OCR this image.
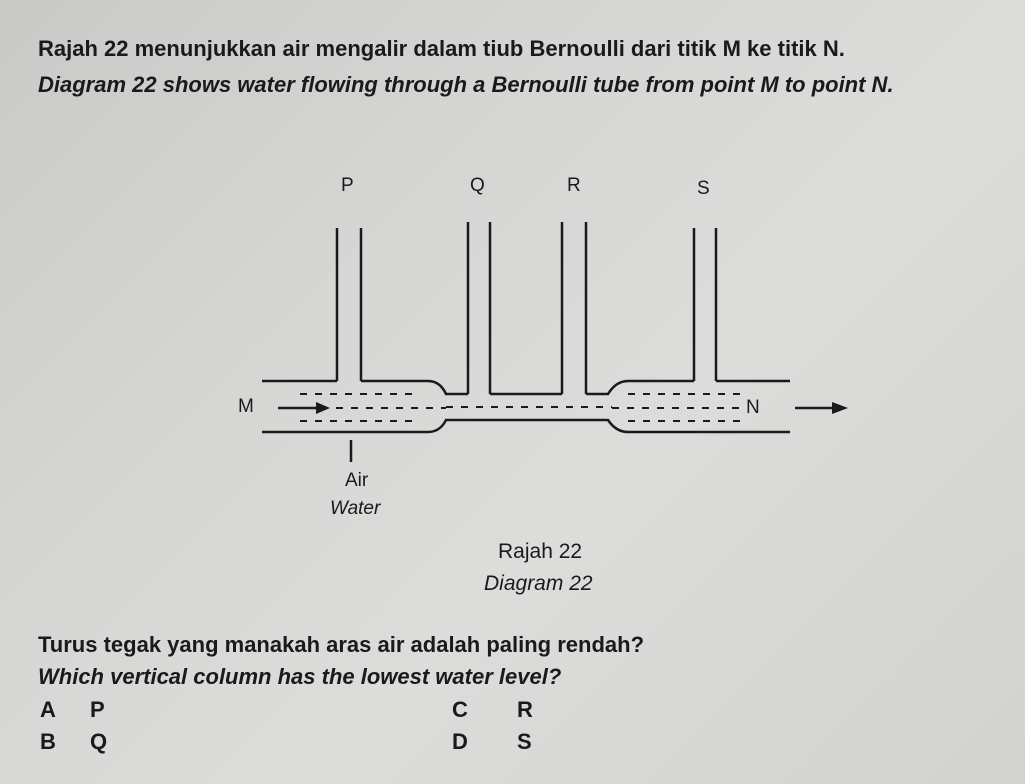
Rajah 22 menunjukkan air mengalir dalam tiub Bernoulli dari titik M ke titik N.
Diagram 22 shows water flowing through a Bernoulli tube from point M to point N.
P	Q	R	S
M	N
Air
Water
Rajah 22
Diagram 22
Turus tegak yang manakah aras air adalah paling rendah?
Which vertical column has the lowest water level?
A P
B Q
C R
D S
